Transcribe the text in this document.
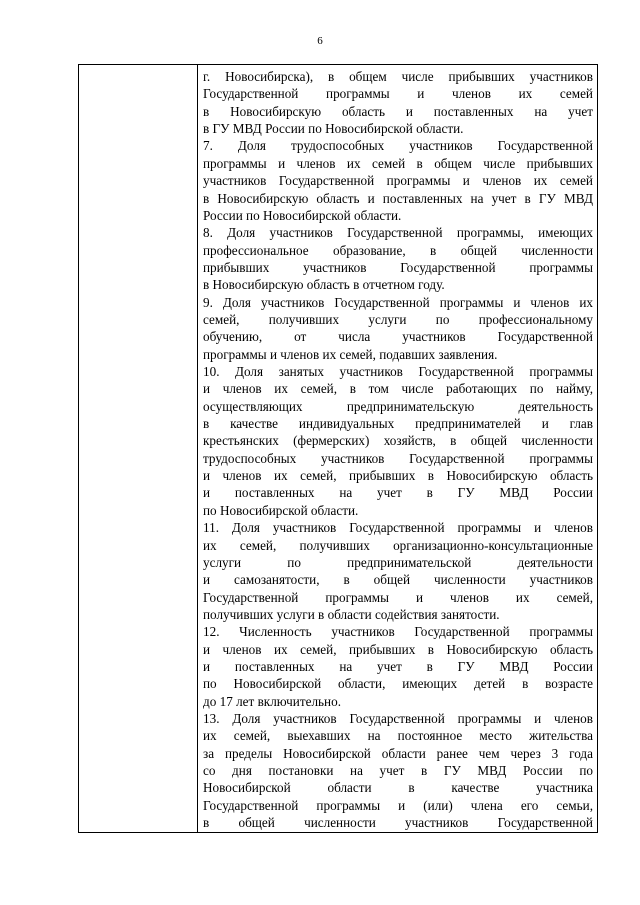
6
г. Новосибирска), в общем числе прибывших участников
Государственной программы и членов их семей
в Новосибирскую область и поставленных на учет
в ГУ МВД России по Новосибирской области.
7. Доля трудоспособных участников Государственной
программы и членов их семей в общем числе прибывших
участников Государственной программы и членов их семей
в Новосибирскую область и поставленных на учет в ГУ МВД
России по Новосибирской области.
8. Доля участников Государственной программы, имеющих
профессиональное образование, в общей численности
прибывших участников Государственной программы
в Новосибирскую область в отчетном году.
9. Доля участников Государственной программы и членов их
семей, получивших услуги по профессиональному
обучению, от числа участников Государственной
программы и членов их семей, подавших заявления.
10. Доля занятых участников Государственной программы
и членов их семей, в том числе работающих по найму,
осуществляющих предпринимательскую деятельность
в качестве индивидуальных предпринимателей и глав
крестьянских (фермерских) хозяйств, в общей численности
трудоспособных участников Государственной программы
и членов их семей, прибывших в Новосибирскую область
и поставленных на учет в ГУ МВД России
по Новосибирской области.
11. Доля участников Государственной программы и членов
их семей, получивших организационно-консультационные
услуги по предпринимательской деятельности
и самозанятости, в общей численности участников
Государственной программы и членов их семей,
получивших услуги в области содействия занятости.
12. Численность участников Государственной программы
и членов их семей, прибывших в Новосибирскую область
и поставленных на учет в ГУ МВД России
по Новосибирской области, имеющих детей в возрасте
до 17 лет включительно.
13. Доля участников Государственной программы и членов
их семей, выехавших на постоянное место жительства
за пределы Новосибирской области ранее чем через 3 года
со дня постановки на учет в ГУ МВД России по
Новосибирской области в качестве участника
Государственной программы и (или) члена его семьи,
в общей численности участников Государственной
